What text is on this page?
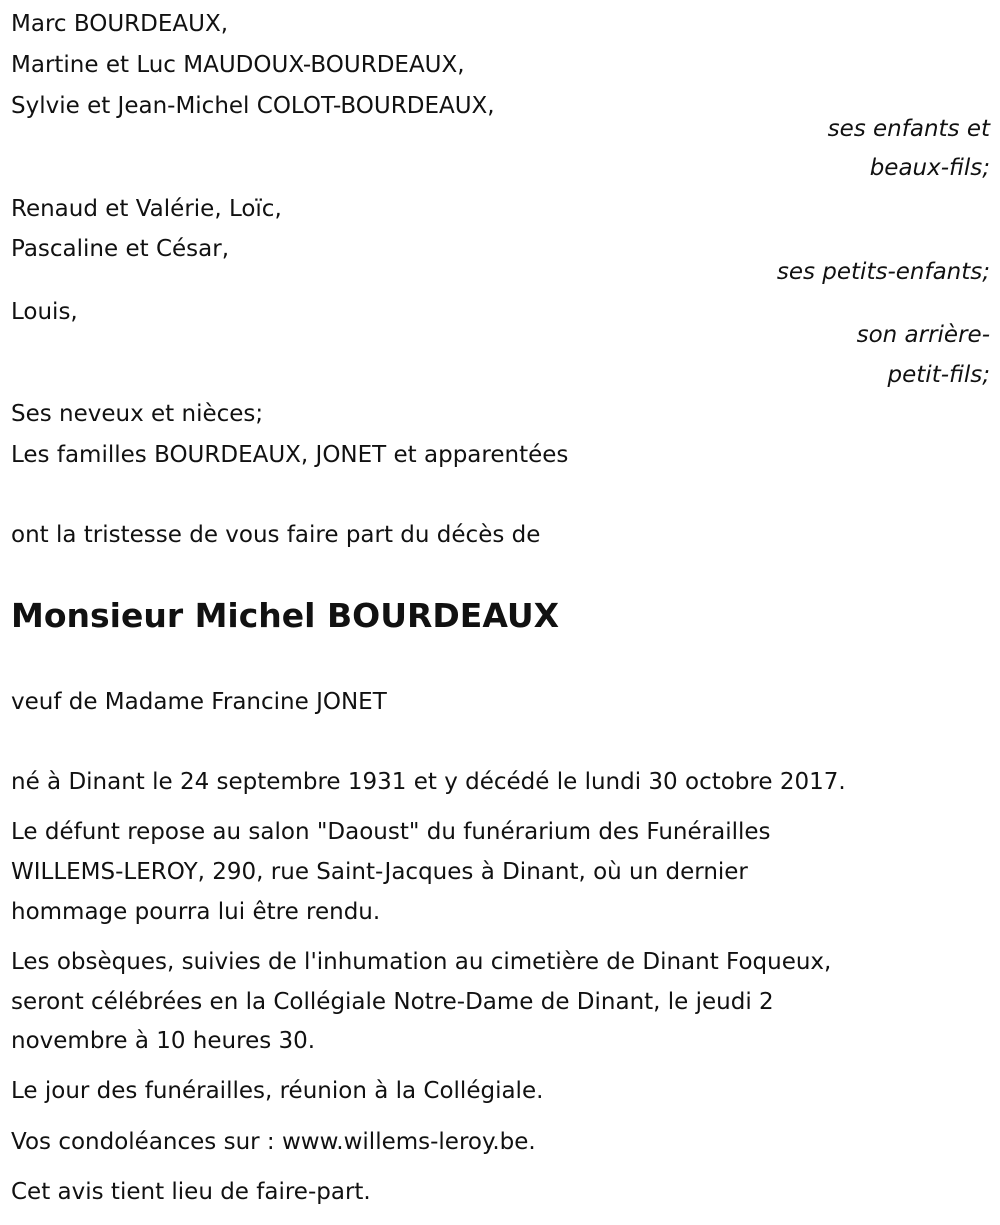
Marc BOURDEAUX,
Martine et Luc MAUDOUX-BOURDEAUX,
Sylvie et Jean-Michel COLOT-BOURDEAUX,
ses enfants et
beaux-fils;
Renaud et Valérie, Loïc,
Pascaline et César,
ses petits-enfants;
Louis,
son arrière-
petit-fils;
Ses neveux et nièces;
Les familles BOURDEAUX, JONET et apparentées
ont la tristesse de vous faire part du décès de
Monsieur Michel BOURDEAUX
veuf de Madame Francine JONET
né à Dinant le 24 septembre 1931 et y décédé le lundi 30 octobre 2017.
Le défunt repose au salon "Daoust" du funérarium des Funérailles
WILLEMS-LEROY, 290, rue Saint-Jacques à Dinant, où un dernier
hommage pourra lui être rendu.
Les obsèques, suivies de l'inhumation au cimetière de Dinant Foqueux,
seront célébrées en la Collégiale Notre-Dame de Dinant, le jeudi 2
novembre à 10 heures 30.
Le jour des funérailles, réunion à la Collégiale.
Vos condoléances sur : www.willems-leroy.be.
Cet avis tient lieu de faire-part.
